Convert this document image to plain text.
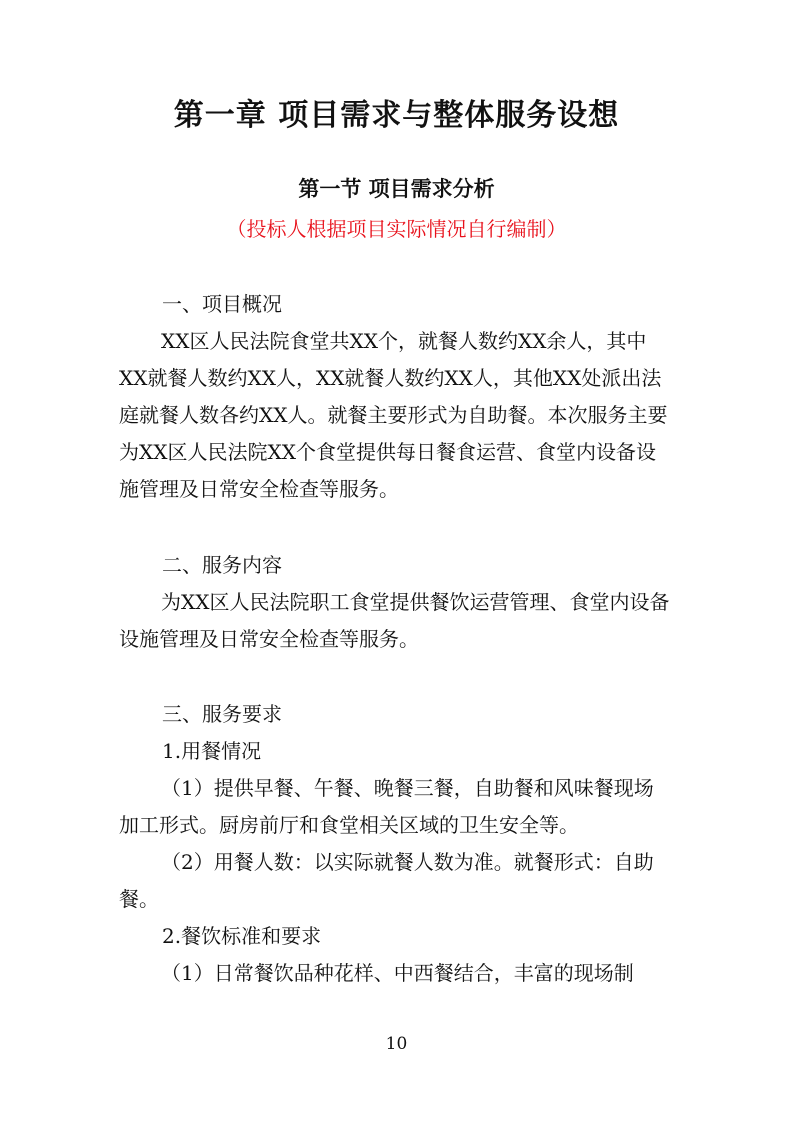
第一章 项目需求与整体服务设想
第一节 项目需求分析

（投标人根据项目实际情况自行编制）

一、项目概况

XX区人民法院食堂共XX个，就餐人数约XX余人，其中XX就餐人数约XX人，XX就餐人数约XX人，其他XX处派出法庭就餐人数各约XX人。就餐主要形式为自助餐。本次服务主要为XX区人民法院XX个食堂提供每日餐食运营、食堂内设备设施管理及日常安全检查等服务。

二、服务内容

为XX区人民法院职工食堂提供餐饮运营管理、食堂内设备设施管理及日常安全检查等服务。

三、服务要求

1.用餐情况

（1）提供早餐、午餐、晚餐三餐，自助餐和风味餐现场加工形式。厨房前厅和食堂相关区域的卫生安全等。

（2）用餐人数：以实际就餐人数为准。就餐形式：自助餐。

2.餐饮标准和要求

（1）日常餐饮品种花样、中西餐结合，丰富的现场制

10
